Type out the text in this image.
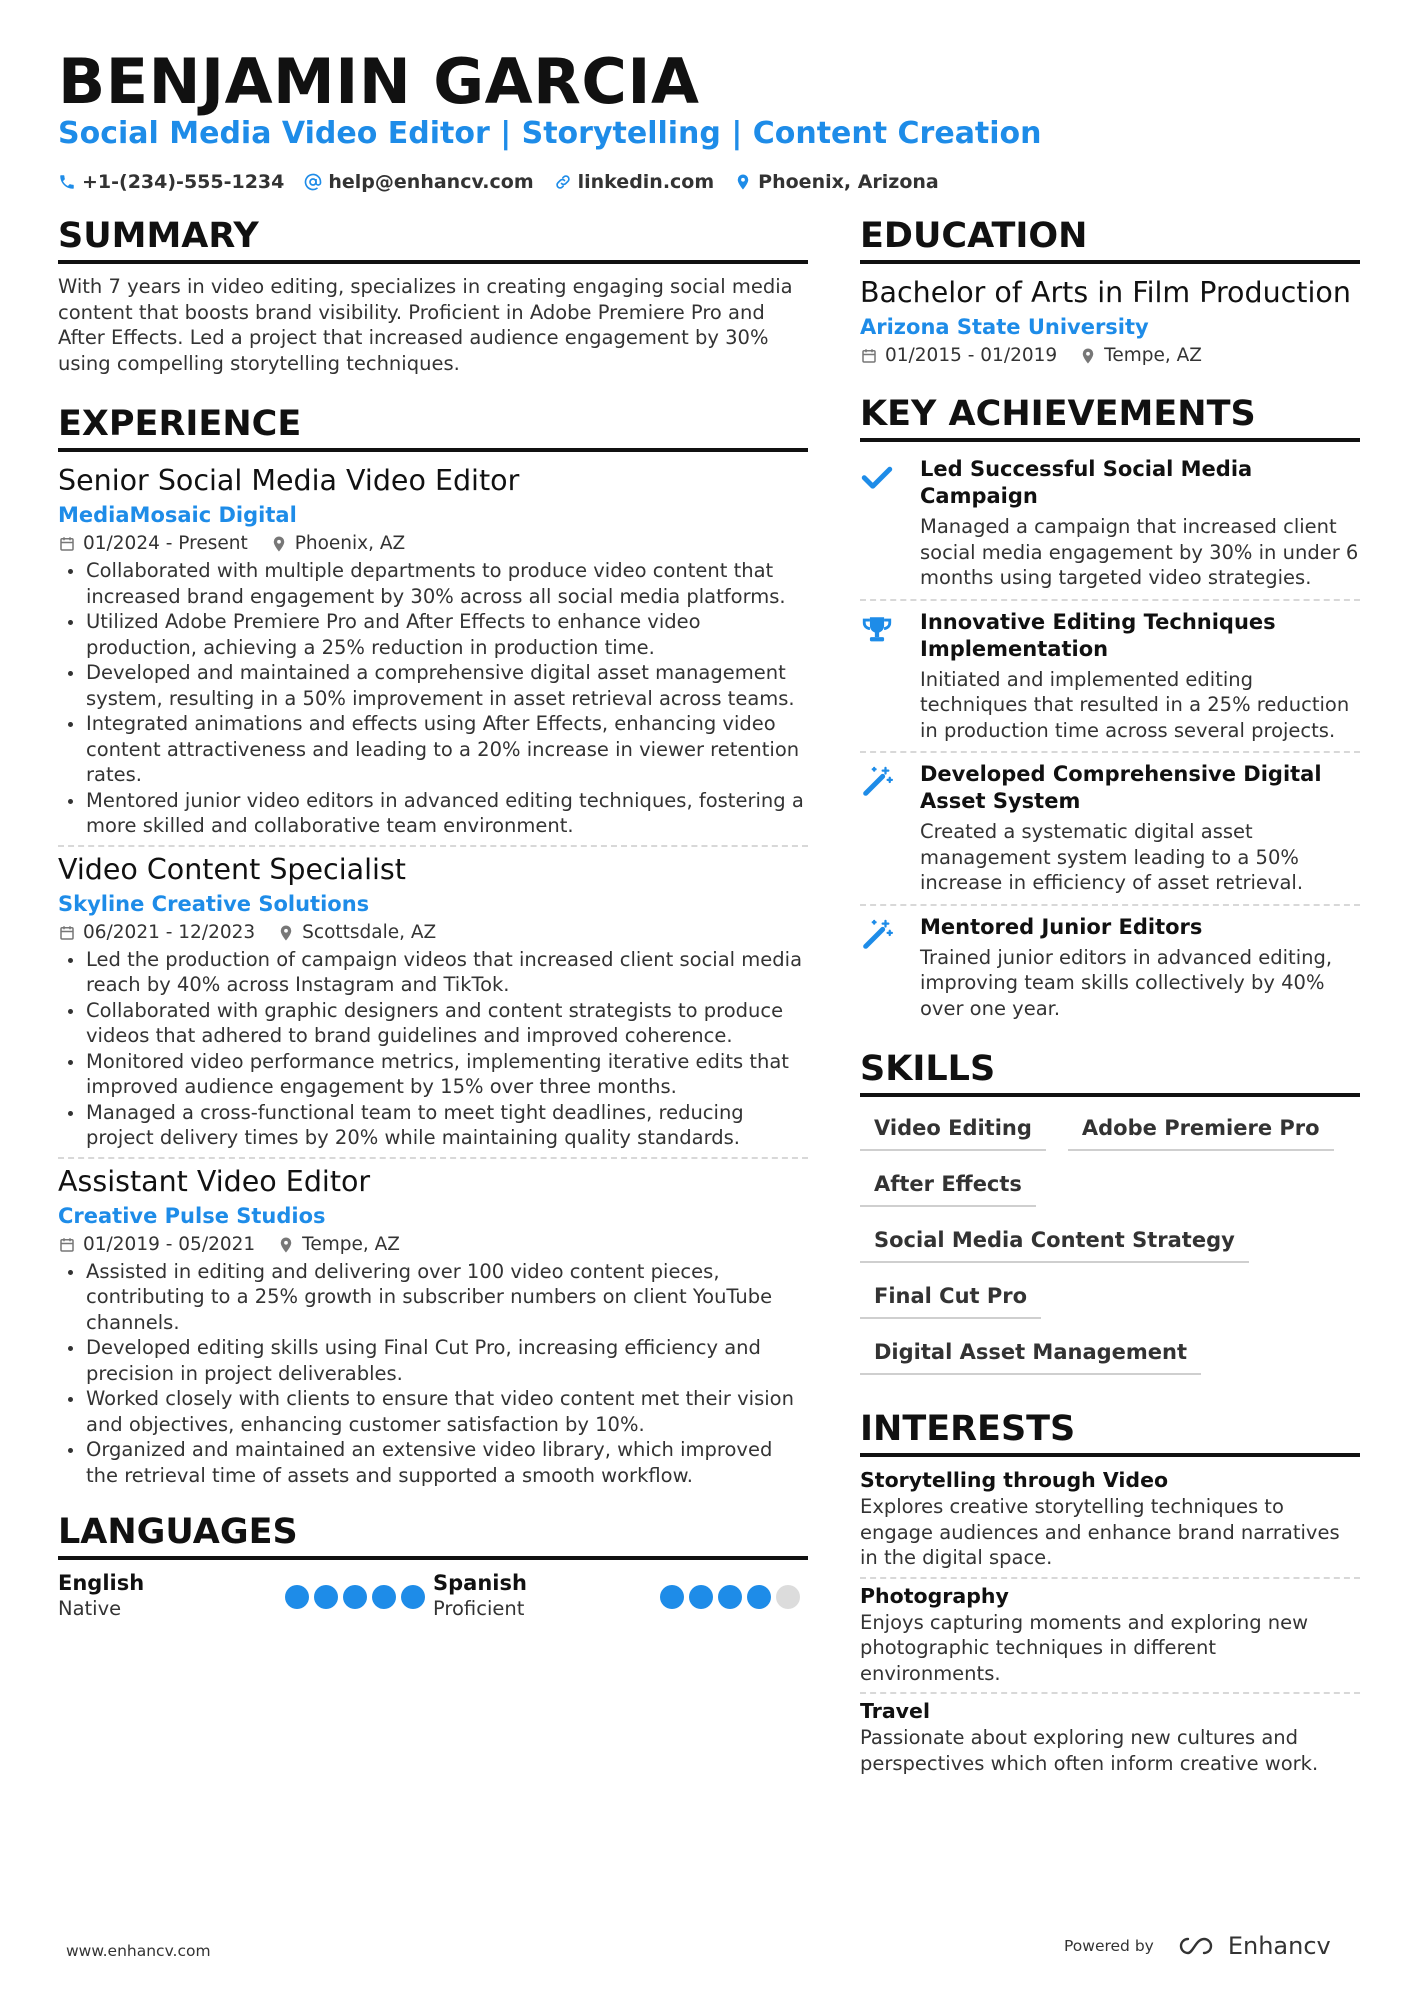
BENJAMIN GARCIA
Social Media Video Editor | Storytelling | Content Creation
+1-(234)-555-1234 help@enhancv.com linkedin.com Phoenix, Arizona
SUMMARY
With 7 years in video editing, specializes in creating engaging social media content that boosts brand visibility. Proficient in Adobe Premiere Pro and After Effects. Led a project that increased audience engagement by 30% using compelling storytelling techniques.
EXPERIENCE
Senior Social Media Video Editor
MediaMosaic Digital
01/2024 - Present	Phoenix, AZ
Collaborated with multiple departments to produce video content that increased brand engagement by 30% across all social media platforms.
Utilized Adobe Premiere Pro and After Effects to enhance video production, achieving a 25% reduction in production time.
Developed and maintained a comprehensive digital asset management system, resulting in a 50% improvement in asset retrieval across teams.
Integrated animations and effects using After Effects, enhancing video content attractiveness and leading to a 20% increase in viewer retention rates.
Mentored junior video editors in advanced editing techniques, fostering a more skilled and collaborative team environment.
Video Content Specialist
Skyline Creative Solutions
06/2021 - 12/2023	Scottsdale, AZ
Led the production of campaign videos that increased client social media reach by 40% across Instagram and TikTok.
Collaborated with graphic designers and content strategists to produce videos that adhered to brand guidelines and improved coherence.
Monitored video performance metrics, implementing iterative edits that improved audience engagement by 15% over three months.
Managed a cross-functional team to meet tight deadlines, reducing project delivery times by 20% while maintaining quality standards.
Assistant Video Editor
Creative Pulse Studios
01/2019 - 05/2021	Tempe, AZ
Assisted in editing and delivering over 100 video content pieces, contributing to a 25% growth in subscriber numbers on client YouTube channels.
Developed editing skills using Final Cut Pro, increasing efficiency and precision in project deliverables.
Worked closely with clients to ensure that video content met their vision and objectives, enhancing customer satisfaction by 10%.
Organized and maintained an extensive video library, which improved the retrieval time of assets and supported a smooth workflow.
LANGUAGES
English
Native
Spanish
Proficient
EDUCATION
Bachelor of Arts in Film Production
Arizona State University
01/2015 - 01/2019	Tempe, AZ
KEY ACHIEVEMENTS
Led Successful Social Media Campaign
Managed a campaign that increased client social media engagement by 30% in under 6 months using targeted video strategies.
Innovative Editing Techniques Implementation
Initiated and implemented editing techniques that resulted in a 25% reduction in production time across several projects.
Developed Comprehensive Digital Asset System
Created a systematic digital asset management system leading to a 50% increase in efficiency of asset retrieval.
Mentored Junior Editors
Trained junior editors in advanced editing, improving team skills collectively by 40% over one year.
SKILLS
Video Editing	Adobe Premiere Pro
After Effects
Social Media Content Strategy
Final Cut Pro
Digital Asset Management
INTERESTS
Storytelling through Video
Explores creative storytelling techniques to engage audiences and enhance brand narratives in the digital space.
Photography
Enjoys capturing moments and exploring new photographic techniques in different environments.
Travel
Passionate about exploring new cultures and perspectives which often inform creative work.
www.enhancv.com	Powered by	Enhancv
